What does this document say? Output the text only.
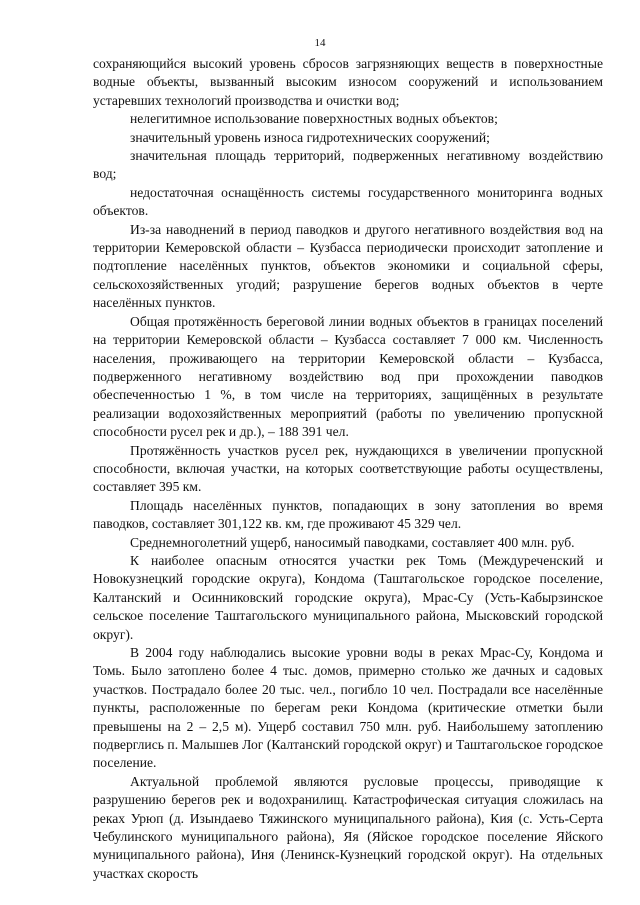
14

сохраняющийся высокий уровень сбросов загрязняющих веществ в поверхностные водные объекты, вызванный высоким износом сооружений и использованием устаревших технологий производства и очистки вод;

нелегитимное использование поверхностных водных объектов;

значительный уровень износа гидротехнических сооружений;

значительная площадь территорий, подверженных негативному воздействию вод;

недостаточная оснащённость системы государственного мониторинга водных объектов.

Из-за наводнений в период паводков и другого негативного воздействия вод на территории Кемеровской области – Кузбасса периодически происходит затопление и подтопление населённых пунктов, объектов экономики и социальной сферы, сельскохозяйственных угодий; разрушение берегов водных объектов в черте населённых пунктов.

Общая протяжённость береговой линии водных объектов в границах поселений на территории Кемеровской области – Кузбасса составляет 7 000 км. Численность населения, проживающего на территории Кемеровской области – Кузбасса, подверженного негативному воздействию вод при прохождении паводков обеспеченностью 1 %, в том числе на территориях, защищённых в результате реализации водохозяйственных мероприятий (работы по увеличению пропускной способности русел рек и др.), – 188 391 чел.

Протяжённость участков русел рек, нуждающихся в увеличении пропускной способности, включая участки, на которых соответствующие работы осуществлены, составляет 395 км.

Площадь населённых пунктов, попадающих в зону затопления во время паводков, составляет 301,122 кв. км, где проживают 45 329 чел.

Среднемноголетний ущерб, наносимый паводками, составляет 400 млн. руб.

К наиболее опасным относятся участки рек Томь (Междуреченский и Новокузнецкий городские округа), Кондома (Таштагольское городское поселение, Калтанский и Осинниковский городские округа), Мрас-Су (Усть-Кабырзинское сельское поселение Таштагольского муниципального района, Мысковский городской округ).

В 2004 году наблюдались высокие уровни воды в реках Мрас-Су, Кондома и Томь. Было затоплено более 4 тыс. домов, примерно столько же дачных и садовых участков. Пострадало более 20 тыс. чел., погибло 10 чел. Пострадали все населённые пункты, расположенные по берегам реки Кондома (критические отметки были превышены на 2 – 2,5 м). Ущерб составил 750 млн. руб. Наибольшему затоплению подверглись п. Малышев Лог (Калтанский городской округ) и Таштагольское городское поселение.

Актуальной проблемой являются русловые процессы, приводящие к разрушению берегов рек и водохранилищ. Катастрофическая ситуация сложилась на реках Урюп (д. Изындаево Тяжинского муниципального района), Кия (с. Усть-Серта Чебулинского муниципального района), Яя (Яйское городское поселение Яйского муниципального района), Иня (Ленинск-Кузнецкий городской округ). На отдельных участках скорость
